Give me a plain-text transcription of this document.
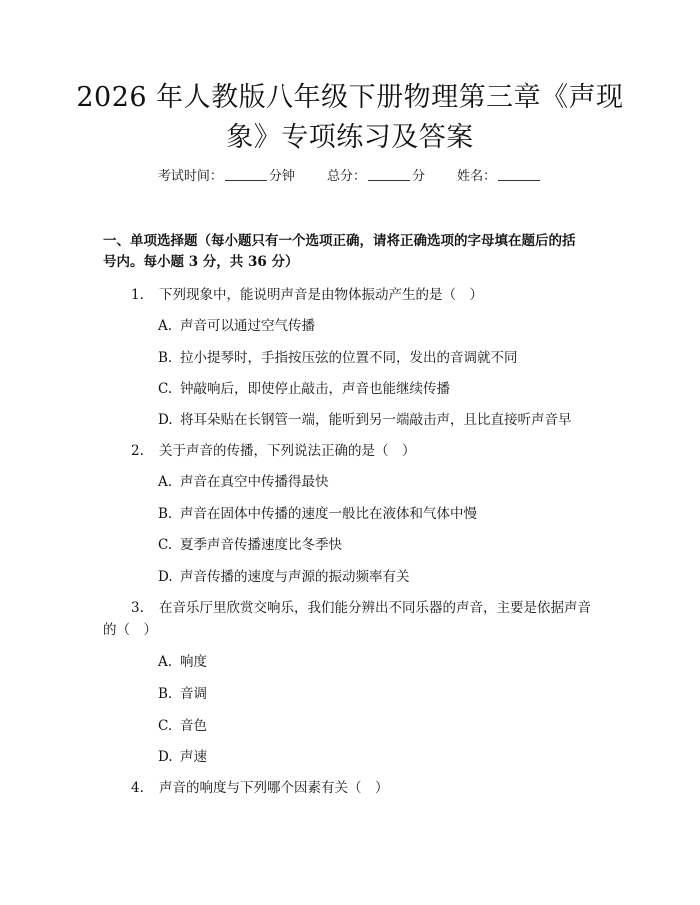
2026 年人教版八年级下册物理第三章《声现
象》专项练习及答案
考试时间：	分钟 总分：	分 姓名：
一、单项选择题（每小题只有一个选项正确，请将正确选项的字母填在题后的括
号内。每小题 3 分，共 36 分）
1. 下列现象中，能说明声音是由物体振动产生的是（　）
A. 声音可以通过空气传播
B. 拉小提琴时，手指按压弦的位置不同，发出的音调就不同
C. 钟敲响后，即使停止敲击，声音也能继续传播
D. 将耳朵贴在长钢管一端，能听到另一端敲击声，且比直接听声音早
2. 关于声音的传播，下列说法正确的是（　）
A. 声音在真空中传播得最快
B. 声音在固体中传播的速度一般比在液体和气体中慢
C. 夏季声音传播速度比冬季快
D. 声音传播的速度与声源的振动频率有关
3. 在音乐厅里欣赏交响乐，我们能分辨出不同乐器的声音，主要是依据声音
的（　）
A. 响度
B. 音调
C. 音色
D. 声速
4. 声音的响度与下列哪个因素有关（　）
